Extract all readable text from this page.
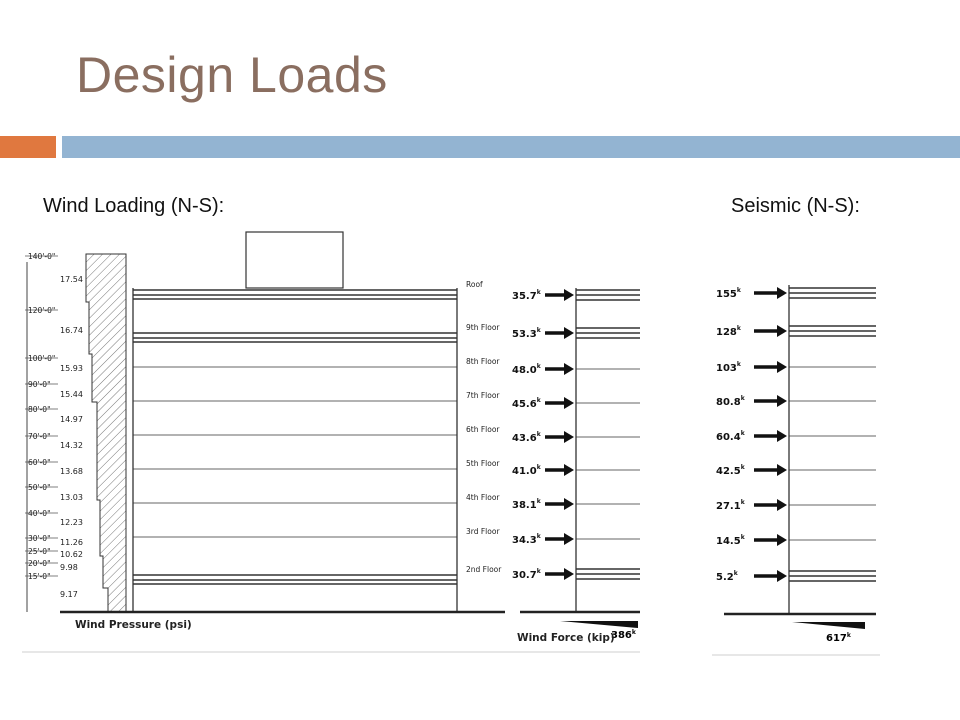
Design Loads

Wind Loading (N-S):	Seismic (N-S):

140'-0"
120'-0"
100'-0"
90'-0"
80'-0"
70'-0"
60'-0"
50'-0"
40'-0"
30'-0"
25'-0"
20'-0"
15'-0"
17.54
16.74
15.93
15.44
14.97
14.32
13.68
13.03
12.23
11.26
10.62
9.98
9.17
Roof
9th Floor
8th Floor
7th Floor
6th Floor
5th Floor
4th Floor
3rd Floor
2nd Floor
35.7$^k$
53.3$^k$
48.0$^k$
45.6$^k$
43.6$^k$
41.0$^k$
38.1$^k$
34.3$^k$
30.7$^k$
386$^k$
Wind Pressure (psi)
Wind Force (kip)
155$^k$
128$^k$
103$^k$
80.8$^k$
60.4$^k$
42.5$^k$
27.1$^k$
14.5$^k$
5.2$^k$
617$^k$
